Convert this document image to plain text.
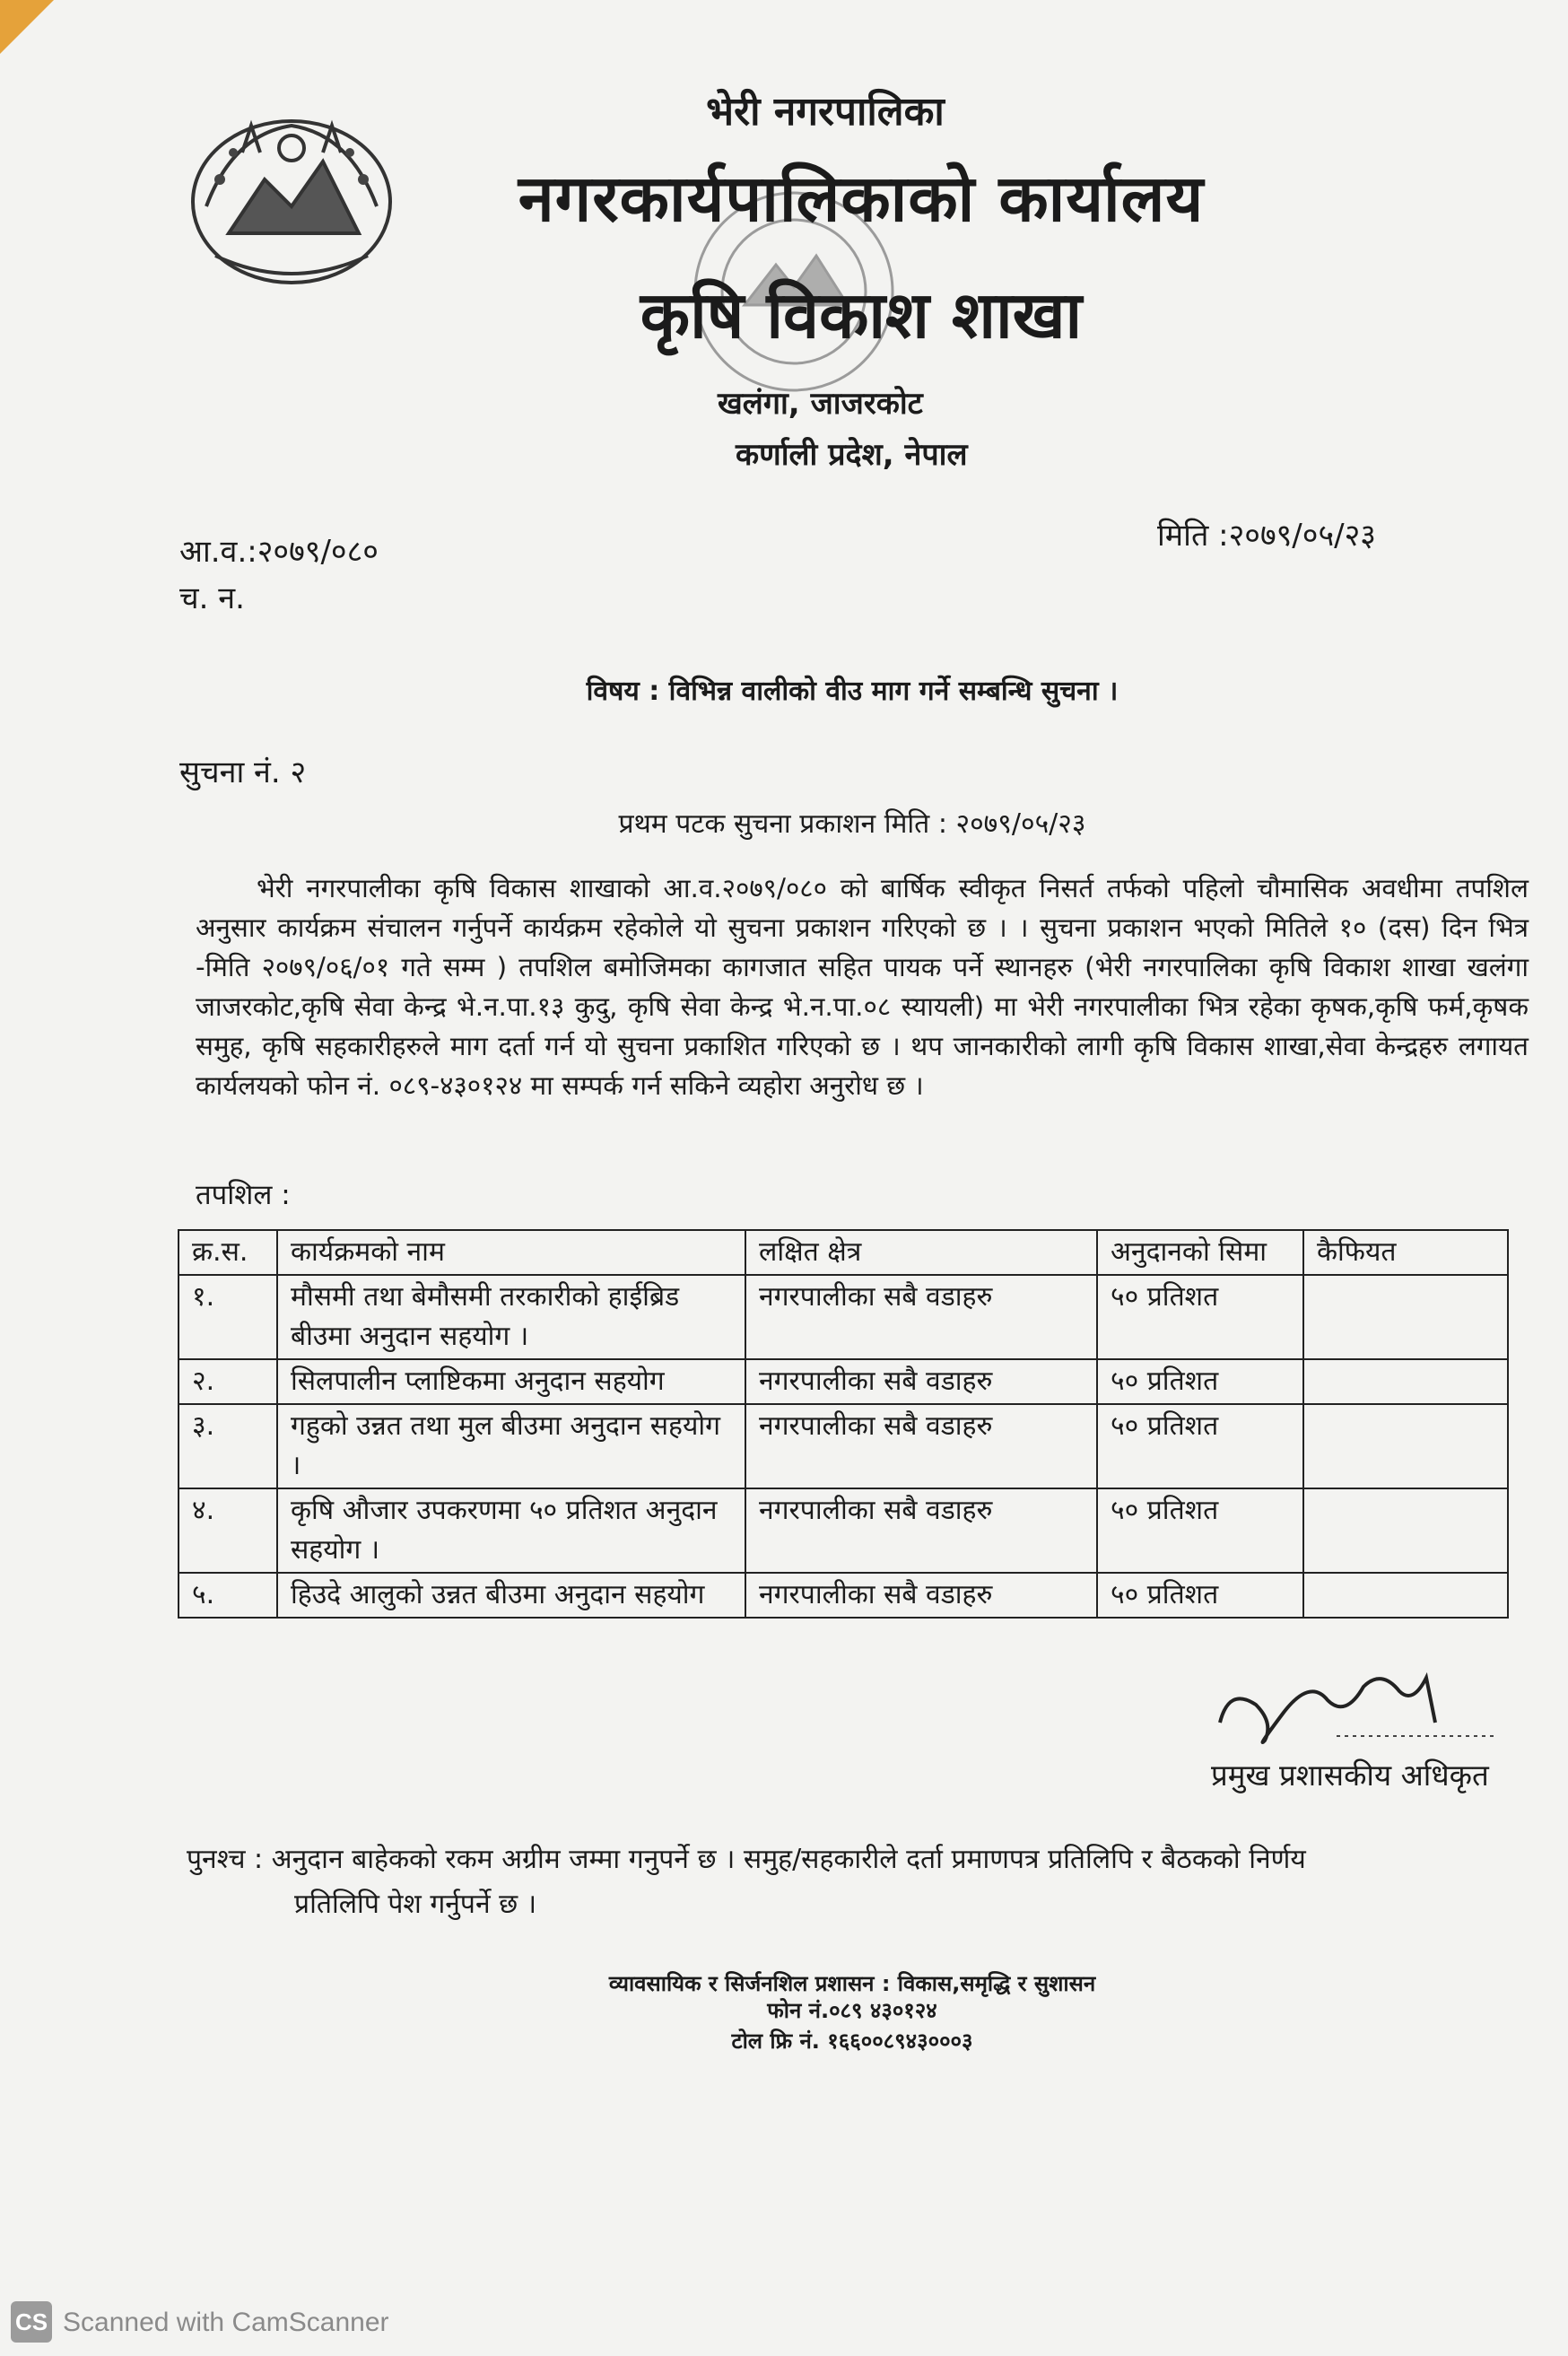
भेरी नगरपालिका
नगरकार्यपालिकाको कार्यालय
कृषि विकाश शाखा
खलंगा, जाजरकोट
कर्णाली प्रदेश, नेपाल
आ.व.:२०७९/०८०
च. न.
मिति :२०७९/०५/२३
विषय : विभिन्न वालीको वीउ माग गर्ने सम्बन्धि सुचना ।
सुचना नं. २
प्रथम पटक सुचना प्रकाशन मिति : २०७९/०५/२३
भेरी नगरपालीका कृषि विकास शाखाको आ.व.२०७९/०८० को बार्षिक स्वीकृत निसर्त तर्फको पहिलो चौमासिक अवधीमा तपशिल अनुसार कार्यक्रम संचालन गर्नुपर्ने कार्यक्रम रहेकोले यो सुचना प्रकाशन गरिएको छ । । सुचना प्रकाशन भएको मितिले १० (दस) दिन भित्र -मिति २०७९/०६/०१ गते सम्म ) तपशिल बमोजिमका कागजात सहित पायक पर्ने स्थानहरु (भेरी नगरपालिका कृषि विकाश शाखा खलंगा जाजरकोट,कृषि सेवा केन्द्र भे.न.पा.१३ कुदु, कृषि सेवा केन्द्र भे.न.पा.०८ स्यायली) मा भेरी नगरपालीका भित्र रहेका कृषक,कृषि फर्म,कृषक समुह, कृषि सहकारीहरुले माग दर्ता गर्न यो सुचना प्रकाशित गरिएको छ । थप जानकारीको लागी कृषि विकास शाखा,सेवा केन्द्रहरु लगायत कार्यलयको फोन नं. ०८९-४३०१२४ मा सम्पर्क गर्न सकिने व्यहोरा अनुरोध छ ।
तपशिल :
क्र.स.	कार्यक्रमको नाम	लक्षित क्षेत्र	अनुदानको सिमा	कैफियत
१.	मौसमी तथा बेमौसमी तरकारीको हाईब्रिड बीउमा अनुदान सहयोग ।	नगरपालीका सबै वडाहरु	५० प्रतिशत	
२.	सिलपालीन प्लाष्टिकमा अनुदान सहयोग	नगरपालीका सबै वडाहरु	५० प्रतिशत	
३.	गहुको उन्नत तथा मुल बीउमा अनुदान सहयोग ।	नगरपालीका सबै वडाहरु	५० प्रतिशत	
४.	कृषि औजार उपकरणमा ५० प्रतिशत अनुदान सहयोग ।	नगरपालीका सबै वडाहरु	५० प्रतिशत	
५.	हिउदे आलुको उन्नत बीउमा अनुदान सहयोग	नगरपालीका सबै वडाहरु	५० प्रतिशत	
प्रमुख प्रशासकीय अधिकृत
पुनश्च : अनुदान बाहेकको रकम अग्रीम जम्मा गनुपर्ने छ । समुह/सहकारीले दर्ता प्रमाणपत्र प्रतिलिपि र बैठकको निर्णय
प्रतिलिपि पेश गर्नुपर्ने छ ।
व्यावसायिक र सिर्जनशिल प्रशासन : विकास,समृद्धि र सुशासन
फोन नं.०८९ ४३०१२४
टोल फ्रि नं. १६६००८९४३०००३
CS Scanned with CamScanner
